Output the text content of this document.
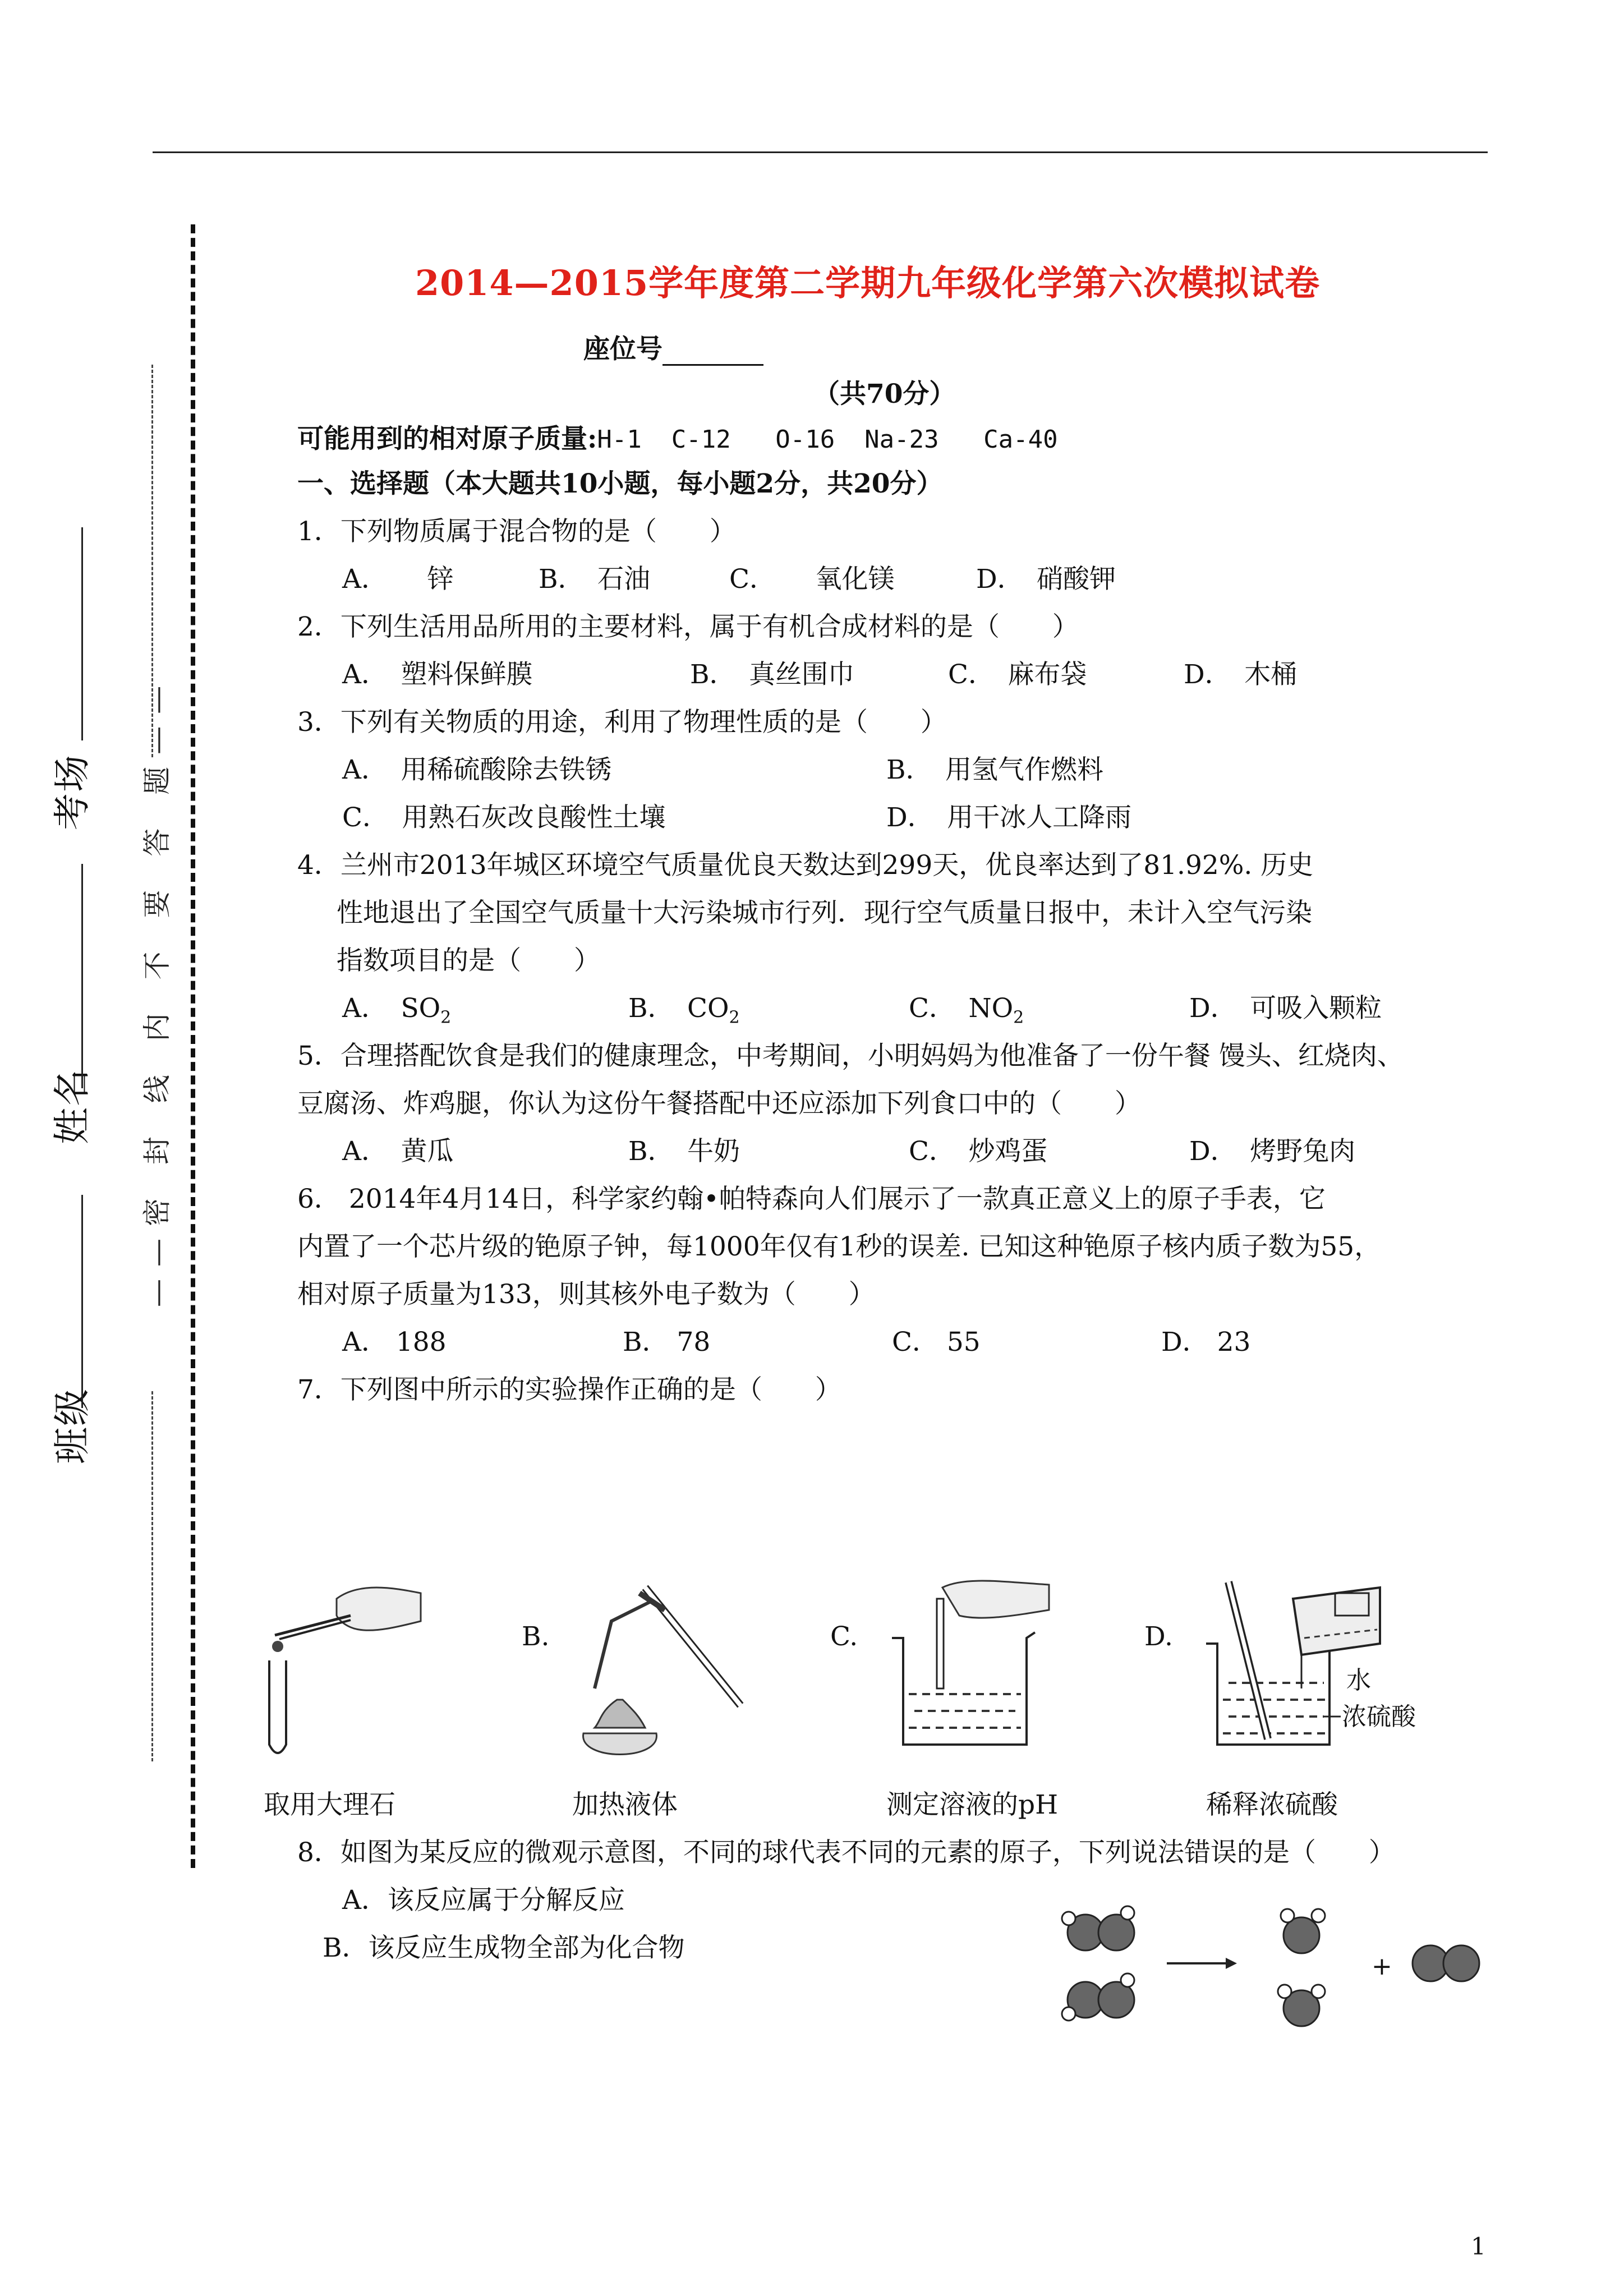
考场
姓名
班级
——密 封 线 内 不 要 答 题——
2014—2015学年度第二学期九年级化学第六次模拟试卷
座位号
（共70分）
可能用到的相对原子质量:H-1  C-12   O-16  Na-23   Ca-40
一、选择题（本大题共10小题，每小题2分，共20分）
1．下列物质属于混合物的是（　　）
A．　　锌	B．　石油	C．　　氧化镁	D．　硝酸钾
2．下列生活用品所用的主要材料，属于有机合成材料的是（　　）
A．　塑料保鲜膜	B．　真丝围巾	C．　麻布袋	D．　木桶
3．下列有关物质的用途，利用了物理性质的是（　　）
A．　用稀硫酸除去铁锈	B．　用氢气作燃料
C．　用熟石灰改良酸性土壤	D．　用干冰人工降雨
4．兰州市2013年城区环境空气质量优良天数达到299天，优良率达到了81.92%. 历史
性地退出了全国空气质量十大污染城市行列．现行空气质量日报中，未计入空气污染
指数项目的是（　　）
A．　$SO_2$	B．　$CO_2$	C．　$NO_2$	D．　可吸入颗粒
5．合理搭配饮食是我们的健康理念，中考期间，小明妈妈为他准备了一份午餐 馒头、红烧肉、
豆腐汤、炸鸡腿，你认为这份午餐搭配中还应添加下列食口中的（　　）
A．　黄瓜	B．　牛奶	C．　炒鸡蛋	D．　烤野兔肉
6． 2014年4月14日，科学家约翰•帕特森向人们展示了一款真正意义上的原子手表，它
内置了一个芯片级的铯原子钟，每1000年仅有1秒的误差. 已知这种铯原子核内质子数为55，
相对原子质量为133，则其核外电子数为（　　）
A． 188	B． 78	C． 55	D． 23
7．下列图中所示的实验操作正确的是（　　）
取用大理石
B.
加热液体
C.
测定溶液的pH
D.
水
浓硫酸
稀释浓硫酸
8．如图为某反应的微观示意图，不同的球代表不同的元素的原子，下列说法错误的是（　　）
A．该反应属于分解反应
B．该反应生成物全部为化合物
+
1
